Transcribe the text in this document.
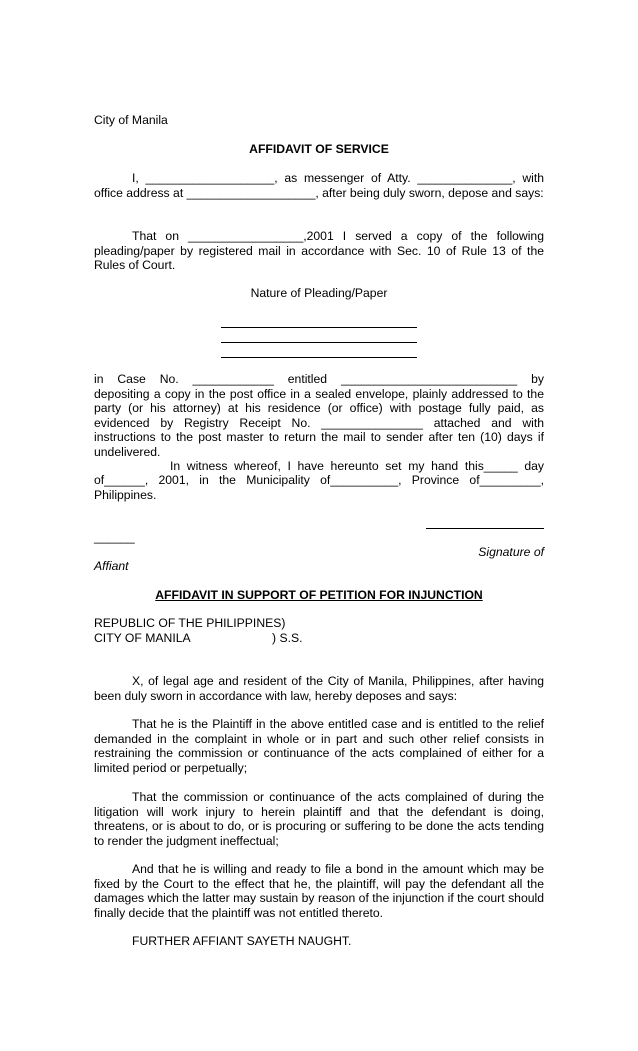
City of Manila
AFFIDAVIT OF SERVICE
I, ___________________, as messenger of Atty. ______________, with
office address at ___________________, after being duly sworn, depose and says:
That on _________________,2001 I served a copy of the following pleading/paper by registered mail in accordance with Sec. 10 of Rule 13 of the Rules of Court.
Nature of Pleading/Paper
in Case No. ____________ entitled __________________________ by
depositing a copy in the post office in a sealed envelope, plainly addressed to the party (or his attorney) at his residence (or office) with postage fully paid, as evidenced by Registry Receipt No. _______________ attached and with instructions to the post master to return the mail to sender after ten (10) days if undelivered.
In witness whereof, I have hereunto set my hand this_____ day of______, 2001, in the Municipality of__________, Province of_________, Philippines.
______
Signature of
Affiant
AFFIDAVIT IN SUPPORT OF PETITION FOR INJUNCTION
REPUBLIC OF THE PHILIPPINES)
CITY OF MANILA	) S.S.
X, of legal age and resident of the City of Manila, Philippines, after having been duly sworn in accordance with law, hereby deposes and says:
That he is the Plaintiff in the above entitled case and is entitled to the relief demanded in the complaint in whole or in part and such other relief consists in restraining the commission or continuance of the acts complained of either for a limited period or perpetually;
That the commission or continuance of the acts complained of during the litigation will work injury to herein plaintiff and that the defendant is doing, threatens, or is about to do, or is procuring or suffering to be done the acts tending to render the judgment ineffectual;
And that he is willing and ready to file a bond in the amount which may be fixed by the Court to the effect that he, the plaintiff, will pay the defendant all the damages which the latter may sustain by reason of the injunction if the court should finally decide that the plaintiff was not entitled thereto.
FURTHER AFFIANT SAYETH NAUGHT.
